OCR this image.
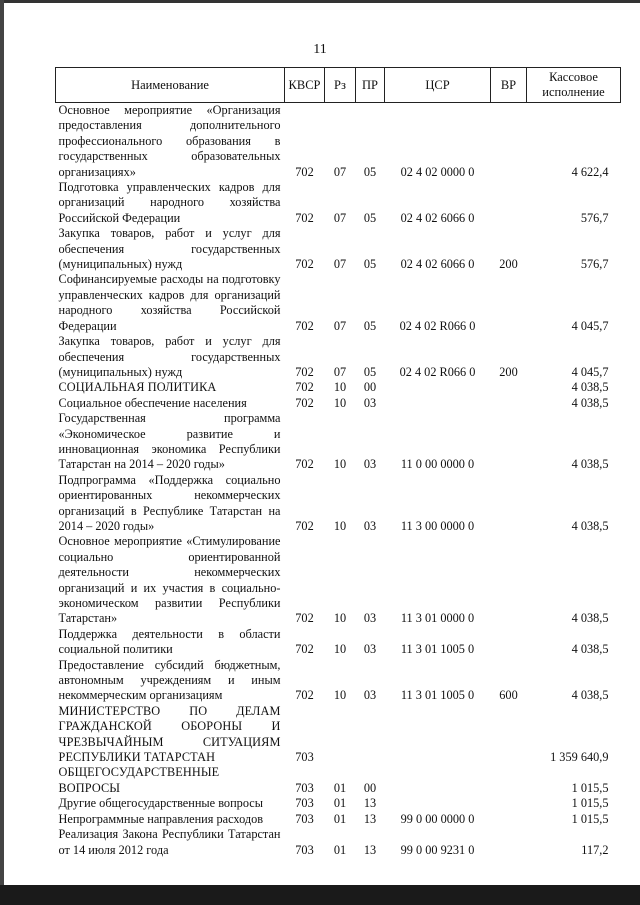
11
Наименование	КВСР	Рз	ПР	ЦСР	ВР	Кассовое исполнение
Основное мероприятие «Организация предоставления дополнительного профессионального образования в государственных образовательных организациях»	702	07	05	02 4 02 0000 0		4 622,4
Подготовка управленческих кадров для организаций народного хозяйства Российской Федерации	702	07	05	02 4 02 6066 0		576,7
Закупка товаров, работ и услуг для обеспечения государственных (муниципальных) нужд	702	07	05	02 4 02 6066 0	200	576,7
Софинансируемые расходы на подготовку управленческих кадров для организаций народного хозяйства Российской Федерации	702	07	05	02 4 02 R066 0		4 045,7
Закупка товаров, работ и услуг для обеспечения государственных (муниципальных) нужд	702	07	05	02 4 02 R066 0	200	4 045,7
СОЦИАЛЬНАЯ ПОЛИТИКА	702	10	00			4 038,5
Социальное обеспечение населения	702	10	03			4 038,5
Государственная программа «Экономическое развитие и инновационная экономика Республики Татарстан на 2014 – 2020 годы»	702	10	03	11 0 00 0000 0		4 038,5
Подпрограмма «Поддержка социально ориентированных некоммерческих организаций в Республике Татарстан на 2014 – 2020 годы»	702	10	03	11 3 00 0000 0		4 038,5
Основное мероприятие «Стимулирование социально ориентированной деятельности некоммерческих организаций и их участия в социально-экономическом развитии Республики Татарстан»	702	10	03	11 3 01 0000 0		4 038,5
Поддержка деятельности в области социальной политики	702	10	03	11 3 01 1005 0		4 038,5
Предоставление субсидий бюджетным, автономным учреждениям и иным некоммерческим организациям	702	10	03	11 3 01 1005 0	600	4 038,5
МИНИСТЕРСТВО ПО ДЕЛАМ ГРАЖДАНСКОЙ ОБОРОНЫ И ЧРЕЗВЫЧАЙНЫМ СИТУАЦИЯМ РЕСПУБЛИКИ ТАТАРСТАН	703					1 359 640,9
ОБЩЕГОСУДАРСТВЕННЫЕ ВОПРОСЫ	703	01	00			1 015,5
Другие общегосударственные вопросы	703	01	13			1 015,5
Непрограммные направления расходов	703	01	13	99 0 00 0000 0		1 015,5
Реализация Закона Республики Татарстан от 14 июля 2012 года	703	01	13	99 0 00 9231 0		117,2
